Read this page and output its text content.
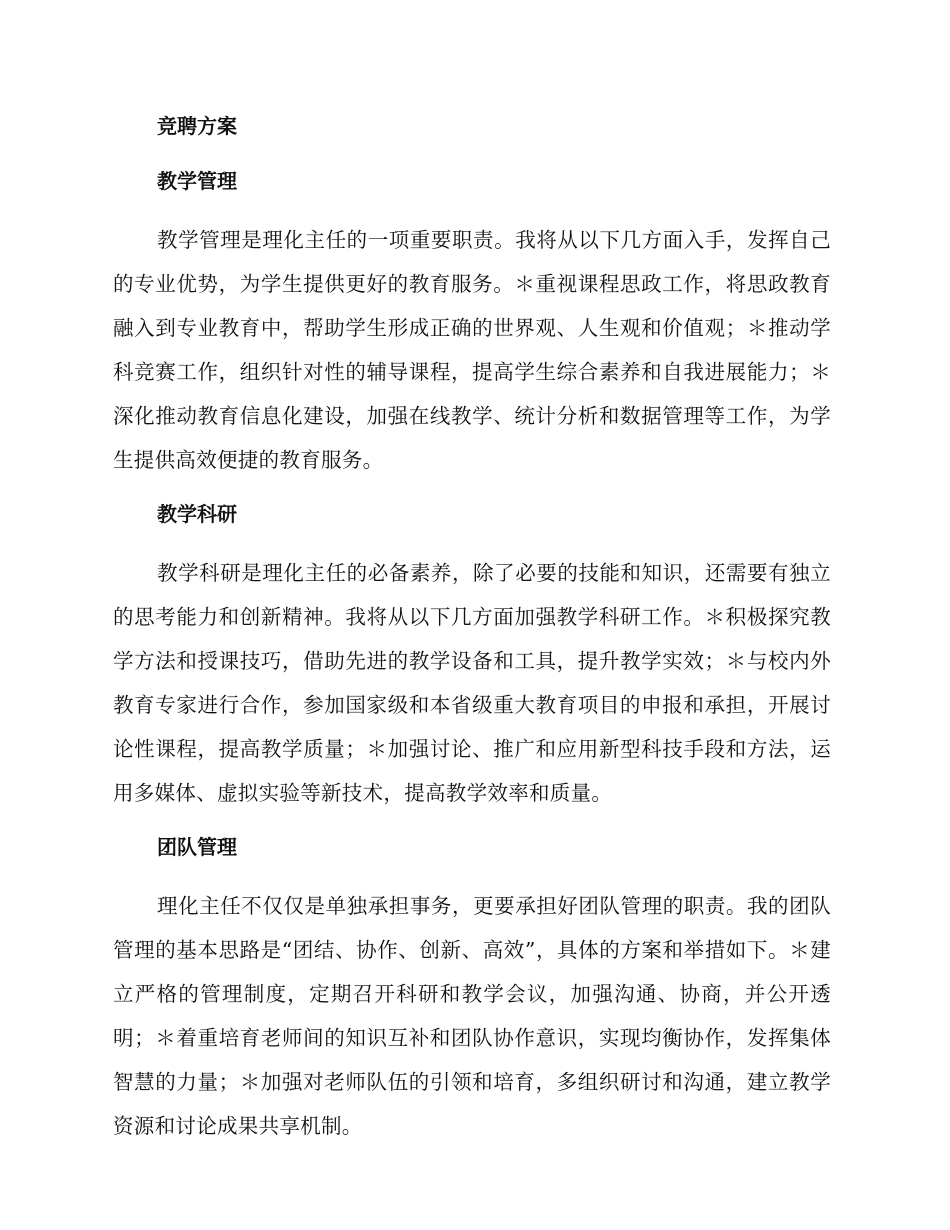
竞聘方案
教学管理

教学管理是理化主任的一项重要职责。我将从以下几方面入手，发挥自己的专业优势，为学生提供更好的教育服务。＊重视课程思政工作，将思政教育融入到专业教育中，帮助学生形成正确的世界观、人生观和价值观；＊推动学科竞赛工作，组织针对性的辅导课程，提高学生综合素养和自我进展能力；＊深化推动教育信息化建设，加强在线教学、统计分析和数据管理等工作，为学生提供高效便捷的教育服务。

教学科研

教学科研是理化主任的必备素养，除了必要的技能和知识，还需要有独立的思考能力和创新精神。我将从以下几方面加强教学科研工作。＊积极探究教学方法和授课技巧，借助先进的教学设备和工具，提升教学实效；＊与校内外教育专家进行合作，参加国家级和本省级重大教育项目的申报和承担，开展讨论性课程，提高教学质量；＊加强讨论、推广和应用新型科技手段和方法，运用多媒体、虚拟实验等新技术，提高教学效率和质量。

团队管理

理化主任不仅仅是单独承担事务，更要承担好团队管理的职责。我的团队管理的基本思路是“团结、协作、创新、高效”，具体的方案和举措如下。＊建立严格的管理制度，定期召开科研和教学会议，加强沟通、协商，并公开透明；＊着重培育老师间的知识互补和团队协作意识，实现均衡协作，发挥集体智慧的力量；＊加强对老师队伍的引领和培育，多组织研讨和沟通，建立教学资源和讨论成果共享机制。
